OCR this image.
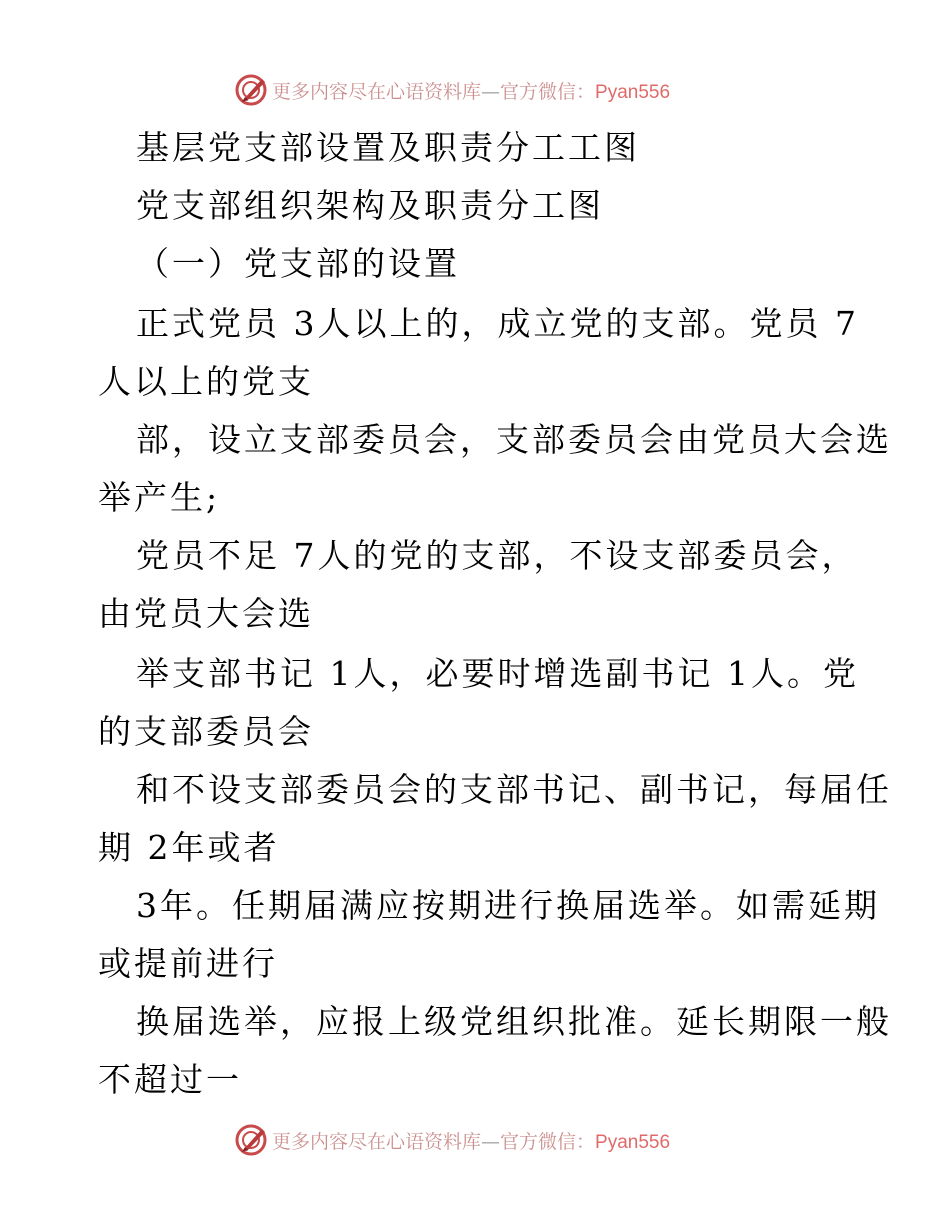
更多内容尽在心语资料库—官方微信：Pyan556
基层党支部设置及职责分工工图
党支部组织架构及职责分工图
（一）党支部的设置
正式党员 3人以上的，成立党的支部。党员 7
人以上的党支
部，设立支部委员会，支部委员会由党员大会选
举产生;
党员不足 7人的党的支部，不设支部委员会，
由党员大会选
举支部书记 1人，必要时增选副书记 1人。党
的支部委员会
和不设支部委员会的支部书记、副书记，每届任
期 2年或者
3年。任期届满应按期进行换届选举。如需延期
或提前进行
换届选举，应报上级党组织批准。延长期限一般
不超过一
更多内容尽在心语资料库—官方微信：Pyan556
